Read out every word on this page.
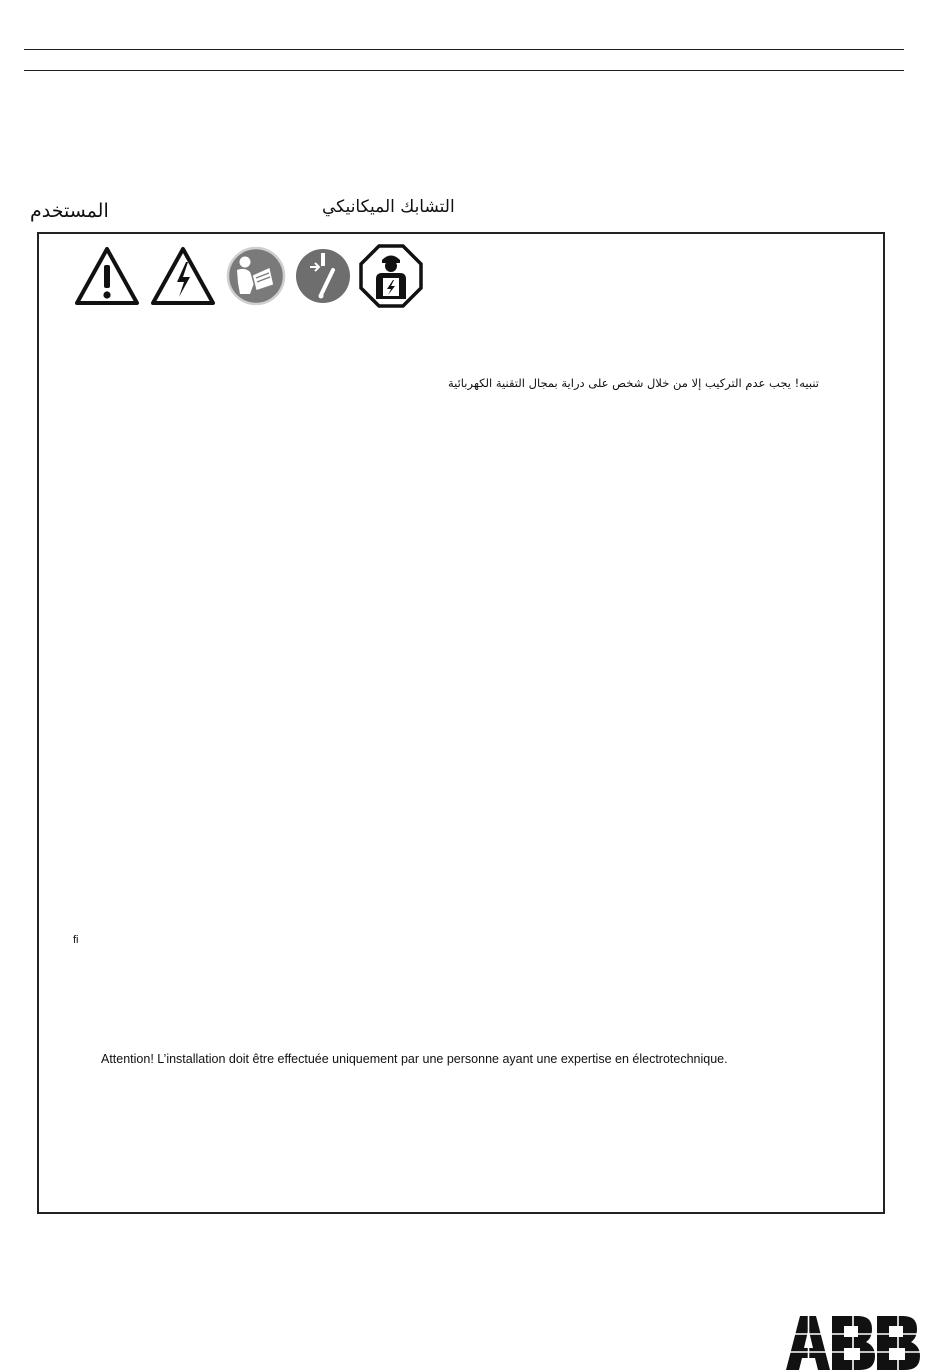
المستخدم	التشابك الميكانيكي
تنبيه! يجب عدم التركيب إلا من خلال شخص على دراية بمجال التقنية الكهربائية
fi
Attention! L’installation doit être effectuée uniquement par une personne ayant une expertise en électrotechnique.
ABB
